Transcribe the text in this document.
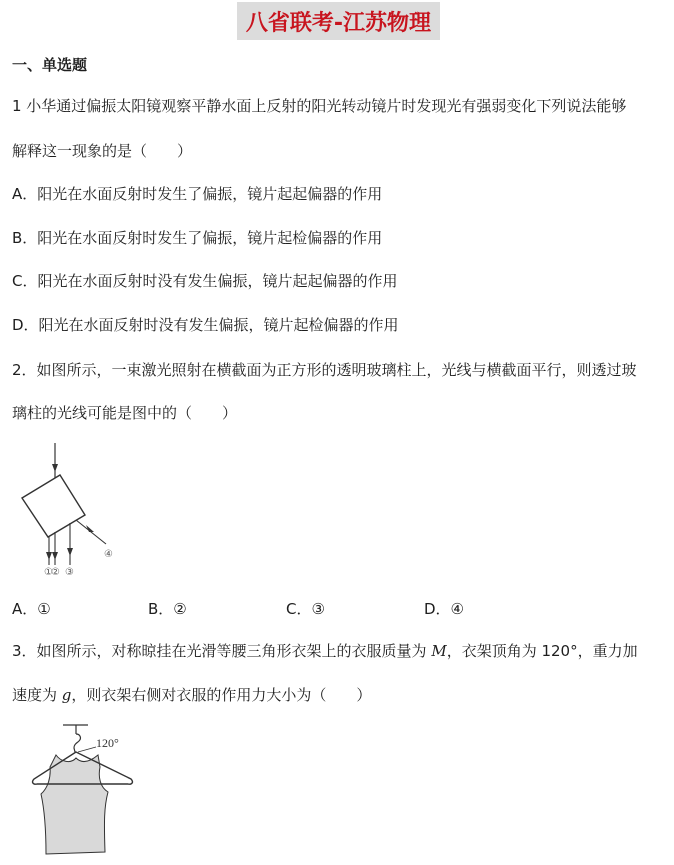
八省联考-江苏物理
一、单选题
1 小华通过偏振太阳镜观察平静水面上反射的阳光转动镜片时发现光有强弱变化下列说法能够
解释这一现象的是（　　）
A．阳光在水面反射时发生了偏振，镜片起起偏器的作用
B．阳光在水面反射时发生了偏振，镜片起检偏器的作用
C．阳光在水面反射时没有发生偏振，镜片起起偏器的作用
D．阳光在水面反射时没有发生偏振，镜片起检偏器的作用
2．如图所示，一束激光照射在横截面为正方形的透明玻璃柱上，光线与横截面平行，则透过玻
璃柱的光线可能是图中的（　　）
①
② ③
④
A．①	B．②	C．③	D．④
3．如图所示，对称晾挂在光滑等腰三角形衣架上的衣服质量为 M，衣架顶角为 120°，重力加
速度为 g，则衣架右侧对衣服的作用力大小为（　　）
120°
